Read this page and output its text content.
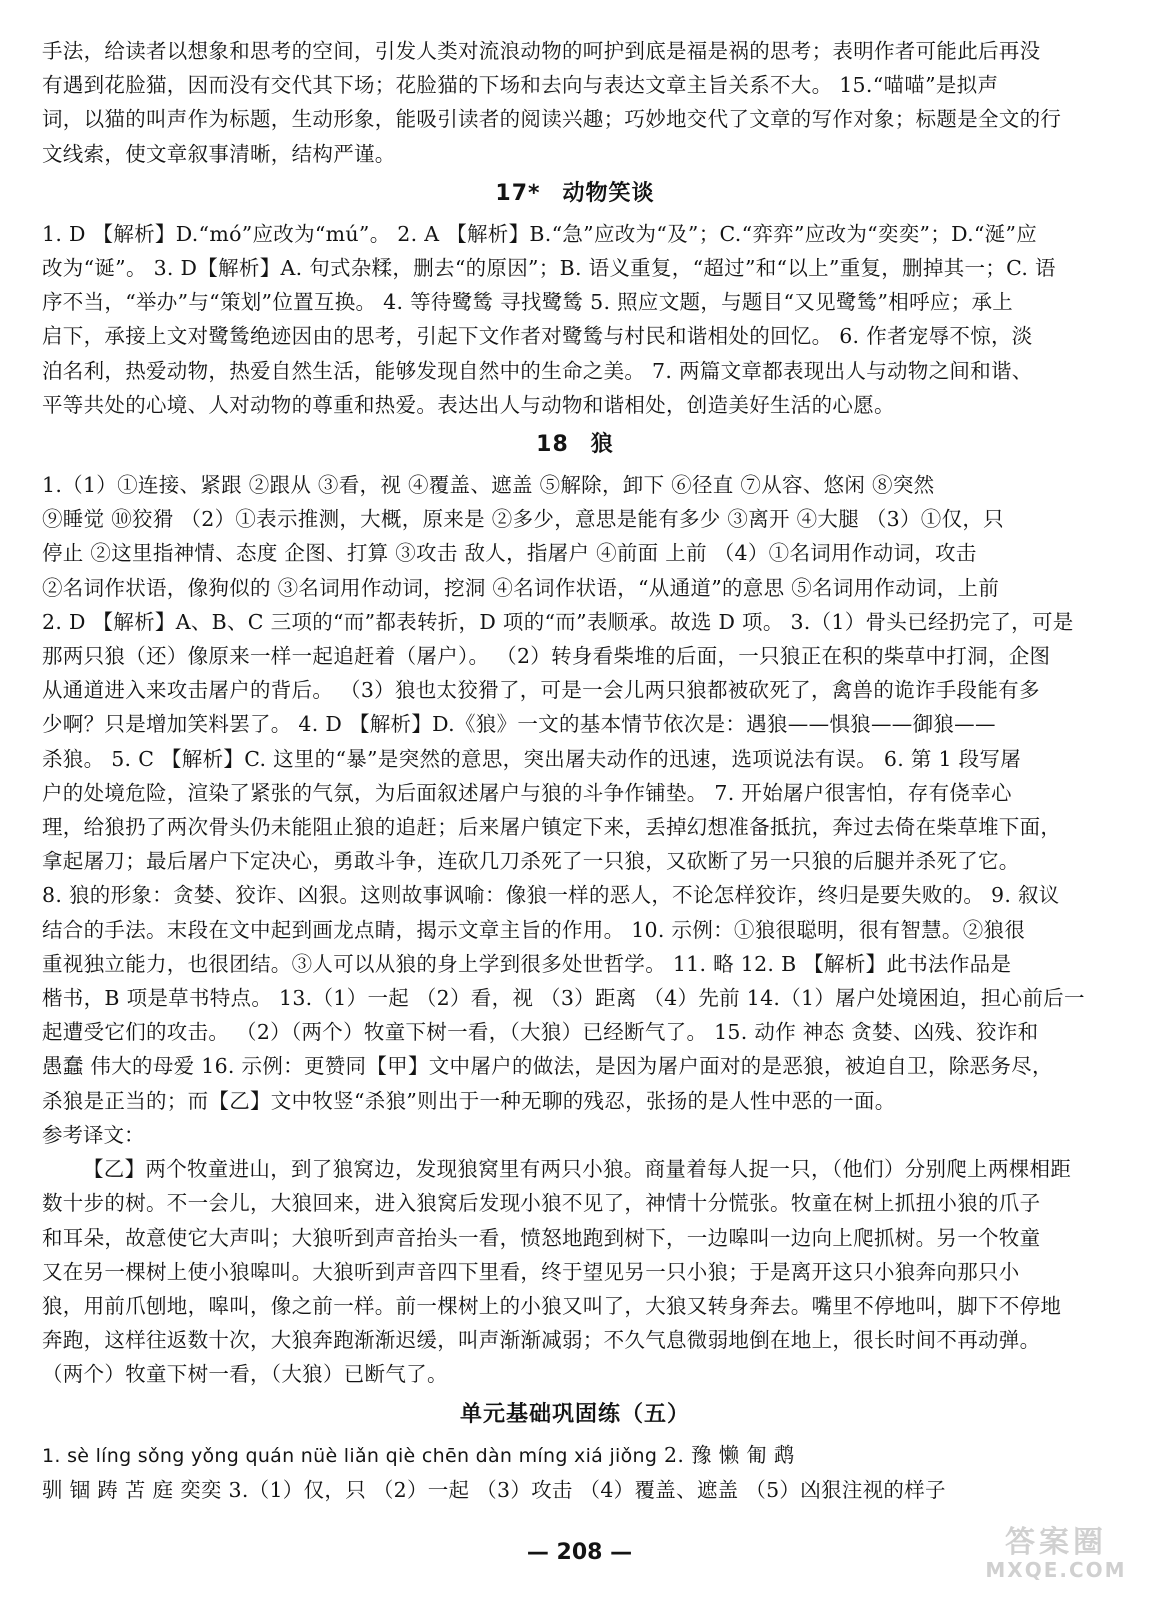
手法，给读者以想象和思考的空间，引发人类对流浪动物的呵护到底是福是祸的思考；表明作者可能此后再没

有遇到花脸猫，因而没有交代其下场；花脸猫的下场和去向与表达文章主旨关系不大。 15.“喵喵”是拟声

词，以猫的叫声作为标题，生动形象，能吸引读者的阅读兴趣；巧妙地交代了文章的写作对象；标题是全文的行

文线索，使文章叙事清晰，结构严谨。

17* 动物笑谈

1. D 【解析】D.“mó”应改为“mú”。 2. A 【解析】B.“急”应改为“及”；C.“弈弈”应改为“奕奕”；D.“涎”应

改为“诞”。 3. D【解析】A. 句式杂糅，删去“的原因”；B. 语义重复，“超过”和“以上”重复，删掉其一；C. 语

序不当，“举办”与“策划”位置互换。 4. 等待鹭鸶 寻找鹭鸶 5. 照应文题，与题目“又见鹭鸶”相呼应；承上

启下，承接上文对鹭鸶绝迹因由的思考，引起下文作者对鹭鸶与村民和谐相处的回忆。 6. 作者宠辱不惊，淡

泊名利，热爱动物，热爱自然生活，能够发现自然中的生命之美。 7. 两篇文章都表现出人与动物之间和谐、

平等共处的心境、人对动物的尊重和热爱。表达出人与动物和谐相处，创造美好生活的心愿。

18 狼

1.（1）①连接、紧跟 ②跟从 ③看，视 ④覆盖、遮盖 ⑤解除，卸下 ⑥径直 ⑦从容、悠闲 ⑧突然

⑨睡觉 ⑩狡猾 （2）①表示推测，大概，原来是 ②多少，意思是能有多少 ③离开 ④大腿 （3）①仅，只

停止 ②这里指神情、态度 企图、打算 ③攻击 敌人，指屠户 ④前面 上前 （4）①名词用作动词，攻击

②名词作状语，像狗似的 ③名词用作动词，挖洞 ④名词作状语，“从通道”的意思 ⑤名词用作动词，上前

2. D 【解析】A、B、C 三项的“而”都表转折，D 项的“而”表顺承。故选 D 项。 3.（1）骨头已经扔完了，可是

那两只狼（还）像原来一样一起追赶着（屠户）。 （2）转身看柴堆的后面，一只狼正在积的柴草中打洞，企图

从通道进入来攻击屠户的背后。 （3）狼也太狡猾了，可是一会儿两只狼都被砍死了，禽兽的诡诈手段能有多

少啊？只是增加笑料罢了。 4. D 【解析】D.《狼》一文的基本情节依次是：遇狼——惧狼——御狼——

杀狼。 5. C 【解析】C. 这里的“暴”是突然的意思，突出屠夫动作的迅速，选项说法有误。 6. 第 1 段写屠

户的处境危险，渲染了紧张的气氛，为后面叙述屠户与狼的斗争作铺垫。 7. 开始屠户很害怕，存有侥幸心

理，给狼扔了两次骨头仍未能阻止狼的追赶；后来屠户镇定下来，丢掉幻想准备抵抗，奔过去倚在柴草堆下面，

拿起屠刀；最后屠户下定决心，勇敢斗争，连砍几刀杀死了一只狼，又砍断了另一只狼的后腿并杀死了它。

8. 狼的形象：贪婪、狡诈、凶狠。这则故事讽喻：像狼一样的恶人，不论怎样狡诈，终归是要失败的。 9. 叙议

结合的手法。末段在文中起到画龙点睛，揭示文章主旨的作用。 10. 示例：①狼很聪明，很有智慧。②狼很

重视独立能力，也很团结。③人可以从狼的身上学到很多处世哲学。 11. 略 12. B 【解析】此书法作品是

楷书，B 项是草书特点。 13.（1）一起 （2）看，视 （3）距离 （4）先前 14.（1）屠户处境困迫，担心前后一

起遭受它们的攻击。 （2）（两个）牧童下树一看，（大狼）已经断气了。 15. 动作 神态 贪婪、凶残、狡诈和

愚蠢 伟大的母爱 16. 示例：更赞同【甲】文中屠户的做法，是因为屠户面对的是恶狼，被迫自卫，除恶务尽，

杀狼是正当的；而【乙】文中牧竖“杀狼”则出于一种无聊的残忍，张扬的是人性中恶的一面。

参考译文：

【乙】两个牧童进山，到了狼窝边，发现狼窝里有两只小狼。商量着每人捉一只，（他们）分别爬上两棵相距

数十步的树。不一会儿，大狼回来，进入狼窝后发现小狼不见了，神情十分慌张。牧童在树上抓扭小狼的爪子

和耳朵，故意使它大声叫；大狼听到声音抬头一看，愤怒地跑到树下，一边嗥叫一边向上爬抓树。另一个牧童

又在另一棵树上使小狼嗥叫。大狼听到声音四下里看，终于望见另一只小狼；于是离开这只小狼奔向那只小

狼，用前爪刨地，嗥叫，像之前一样。前一棵树上的小狼又叫了，大狼又转身奔去。嘴里不停地叫，脚下不停地

奔跑，这样往返数十次，大狼奔跑渐渐迟缓，叫声渐渐减弱；不久气息微弱地倒在地上，很长时间不再动弹。

（两个）牧童下树一看，（大狼）已断气了。

单元基础巩固练（五）

1. sè líng sǒng yǒng quán nüè liǎn qiè chēn dàn míng xiá jiǒng 2. 豫 懒 匍 鹉

驯 锢 踌 苫 庭 奕奕 3.（1）仅，只 （2）一起 （3）攻击 （4）覆盖、遮盖 （5）凶狠注视的样子

— 208 —	答案圈
MXQE.COM
